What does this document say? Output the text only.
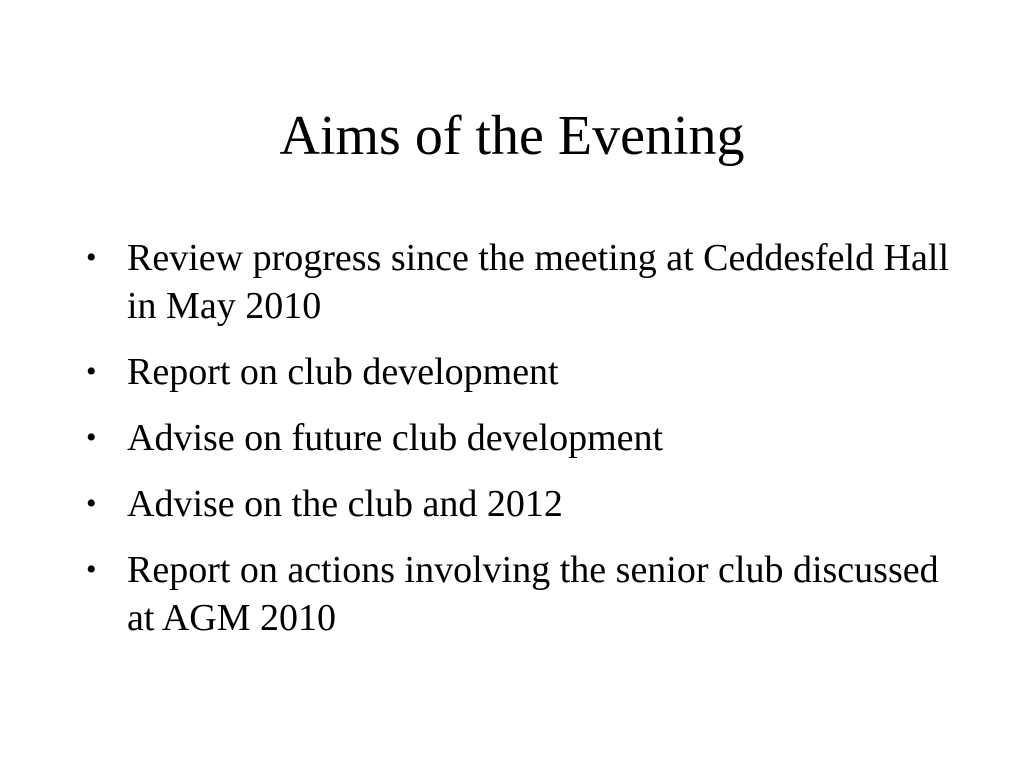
Aims of the Evening
• Review progress since the meeting at Ceddesfeld Hall in May 2010
• Report on club development
• Advise on future club development
• Advise on the club and 2012
• Report on actions involving the senior club discussed at AGM 2010
